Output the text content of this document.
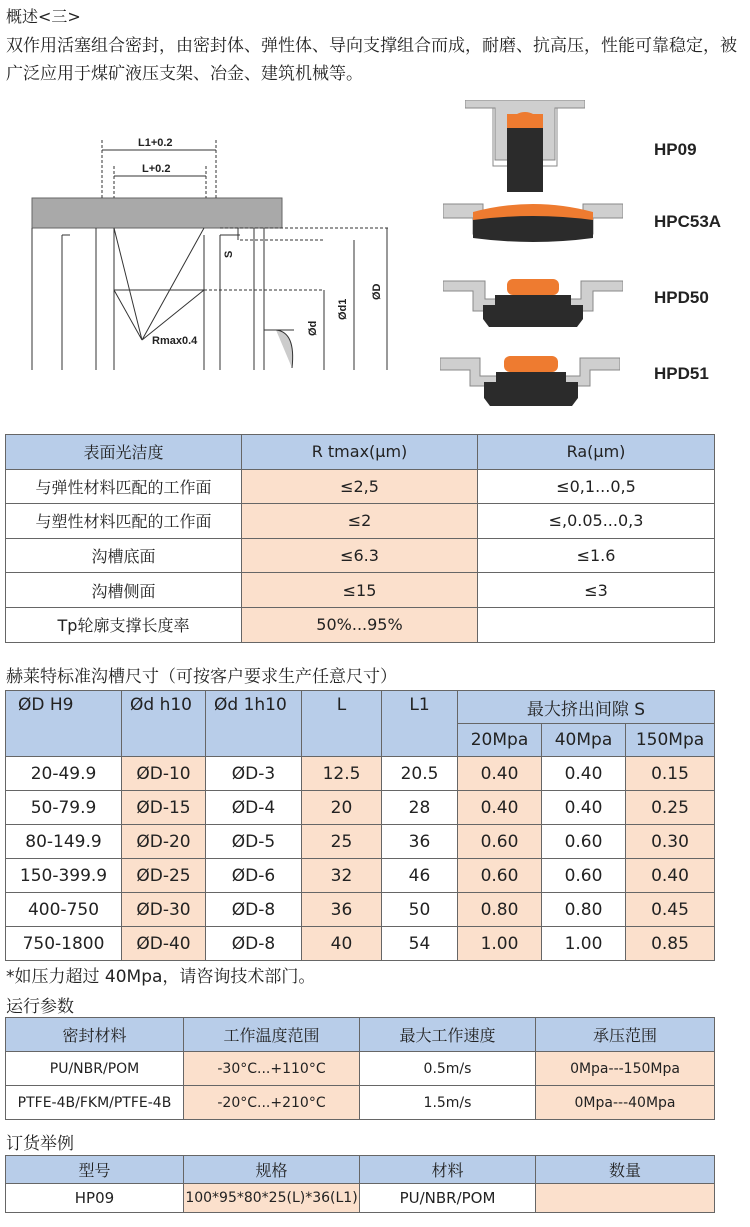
概述<三>
双作用活塞组合密封，由密封体、弹性体、导向支撑组合而成，耐磨、抗高压，性能可靠稳定，被广泛应用于煤矿液压支架、冶金、建筑机械等。
L1+0.2
L+0.2
S
Rmax0.4
Ød
Ød1
ØD
HP09
HPC53A
HPD50
HPD51
表面光洁度	R tmax(μm)	Ra(μm)
与弹性材料匹配的工作面	≤2,5	≤0,1...0,5
与塑性材料匹配的工作面	≤2	≤,0.05...0,3
沟槽底面	≤6.3	≤1.6
沟槽侧面	≤15	≤3
Tp轮廓支撑长度率	50%...95%	
赫莱特标准沟槽尺寸（可按客户要求生产任意尺寸）
ØD H9	Ød h10	Ød 1h10	L	L1	最大挤出间隙 S		
					20Mpa	40Mpa	150Mpa
20-49.9	ØD-10	ØD-3	12.5	20.5	0.40	0.40	0.15
50-79.9	ØD-15	ØD-4	20	28	0.40	0.40	0.25
80-149.9	ØD-20	ØD-5	25	36	0.60	0.60	0.30
150-399.9	ØD-25	ØD-6	32	46	0.60	0.60	0.40
400-750	ØD-30	ØD-8	36	50	0.80	0.80	0.45
750-1800	ØD-40	ØD-8	40	54	1.00	1.00	0.85
*如压力超过 40Mpa，请咨询技术部门。
运行参数
密封材料	工作温度范围	最大工作速度	承压范围
PU/NBR/POM	-30°C...+110°C	0.5m/s	0Mpa---150Mpa
PTFE-4B/FKM/PTFE-4B	-20°C...+210°C	1.5m/s	0Mpa---40Mpa
订货举例
型号	规格	材料	数量
HP09	100*95*80*25(L)*36(L1)	PU/NBR/POM	
